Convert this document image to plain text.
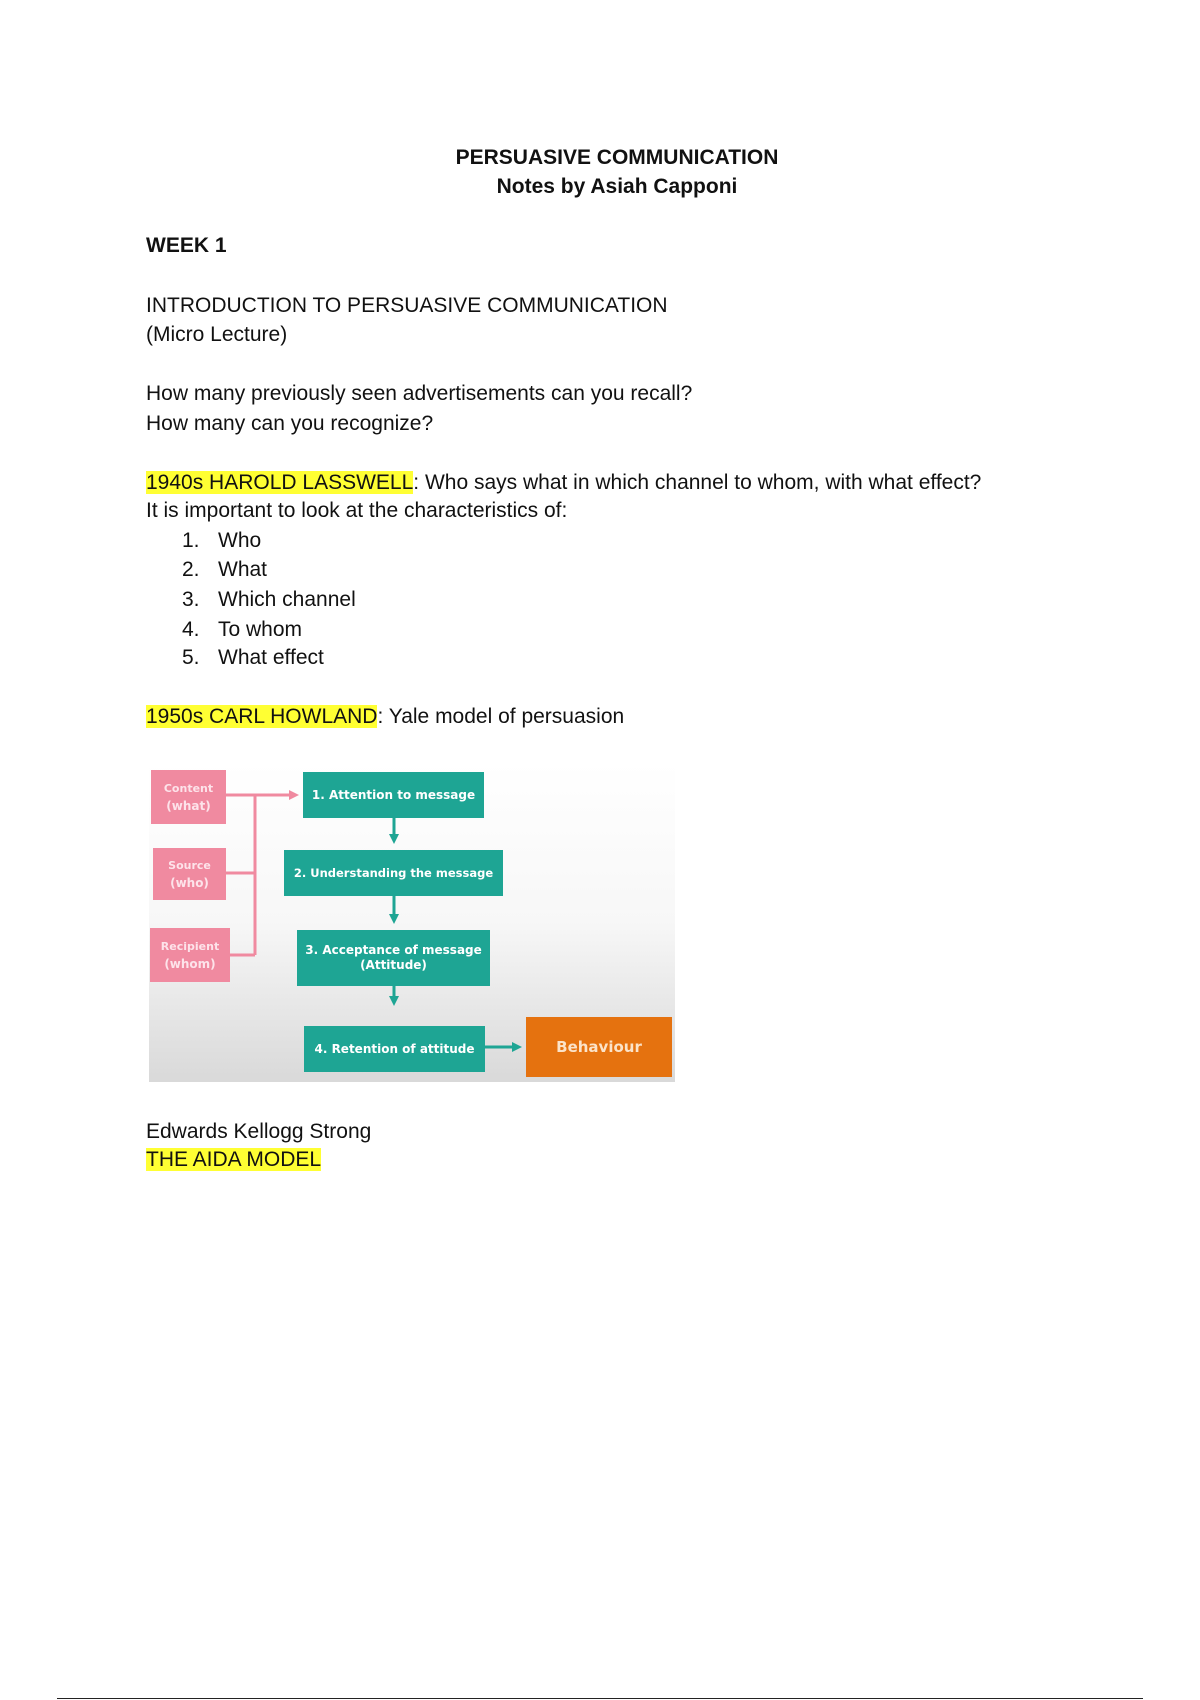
PERSUASIVE COMMUNICATION
Notes by Asiah Capponi
WEEK 1
INTRODUCTION TO PERSUASIVE COMMUNICATION
(Micro Lecture)
How many previously seen advertisements can you recall?
How many can you recognize?
1940s HAROLD LASSWELL: Who says what in which channel to whom, with what effect?
It is important to look at the characteristics of:
1. Who
2. What
3. Which channel
4. To whom
5. What effect
1950s CARL HOWLAND: Yale model of persuasion
Content
(what)
Source
(who)
Recipient
(whom)
1. Attention to message
2. Understanding the message
3. Acceptance of message
(Attitude)
4. Retention of attitude	Behaviour
Edwards Kellogg Strong
THE AIDA MODEL
